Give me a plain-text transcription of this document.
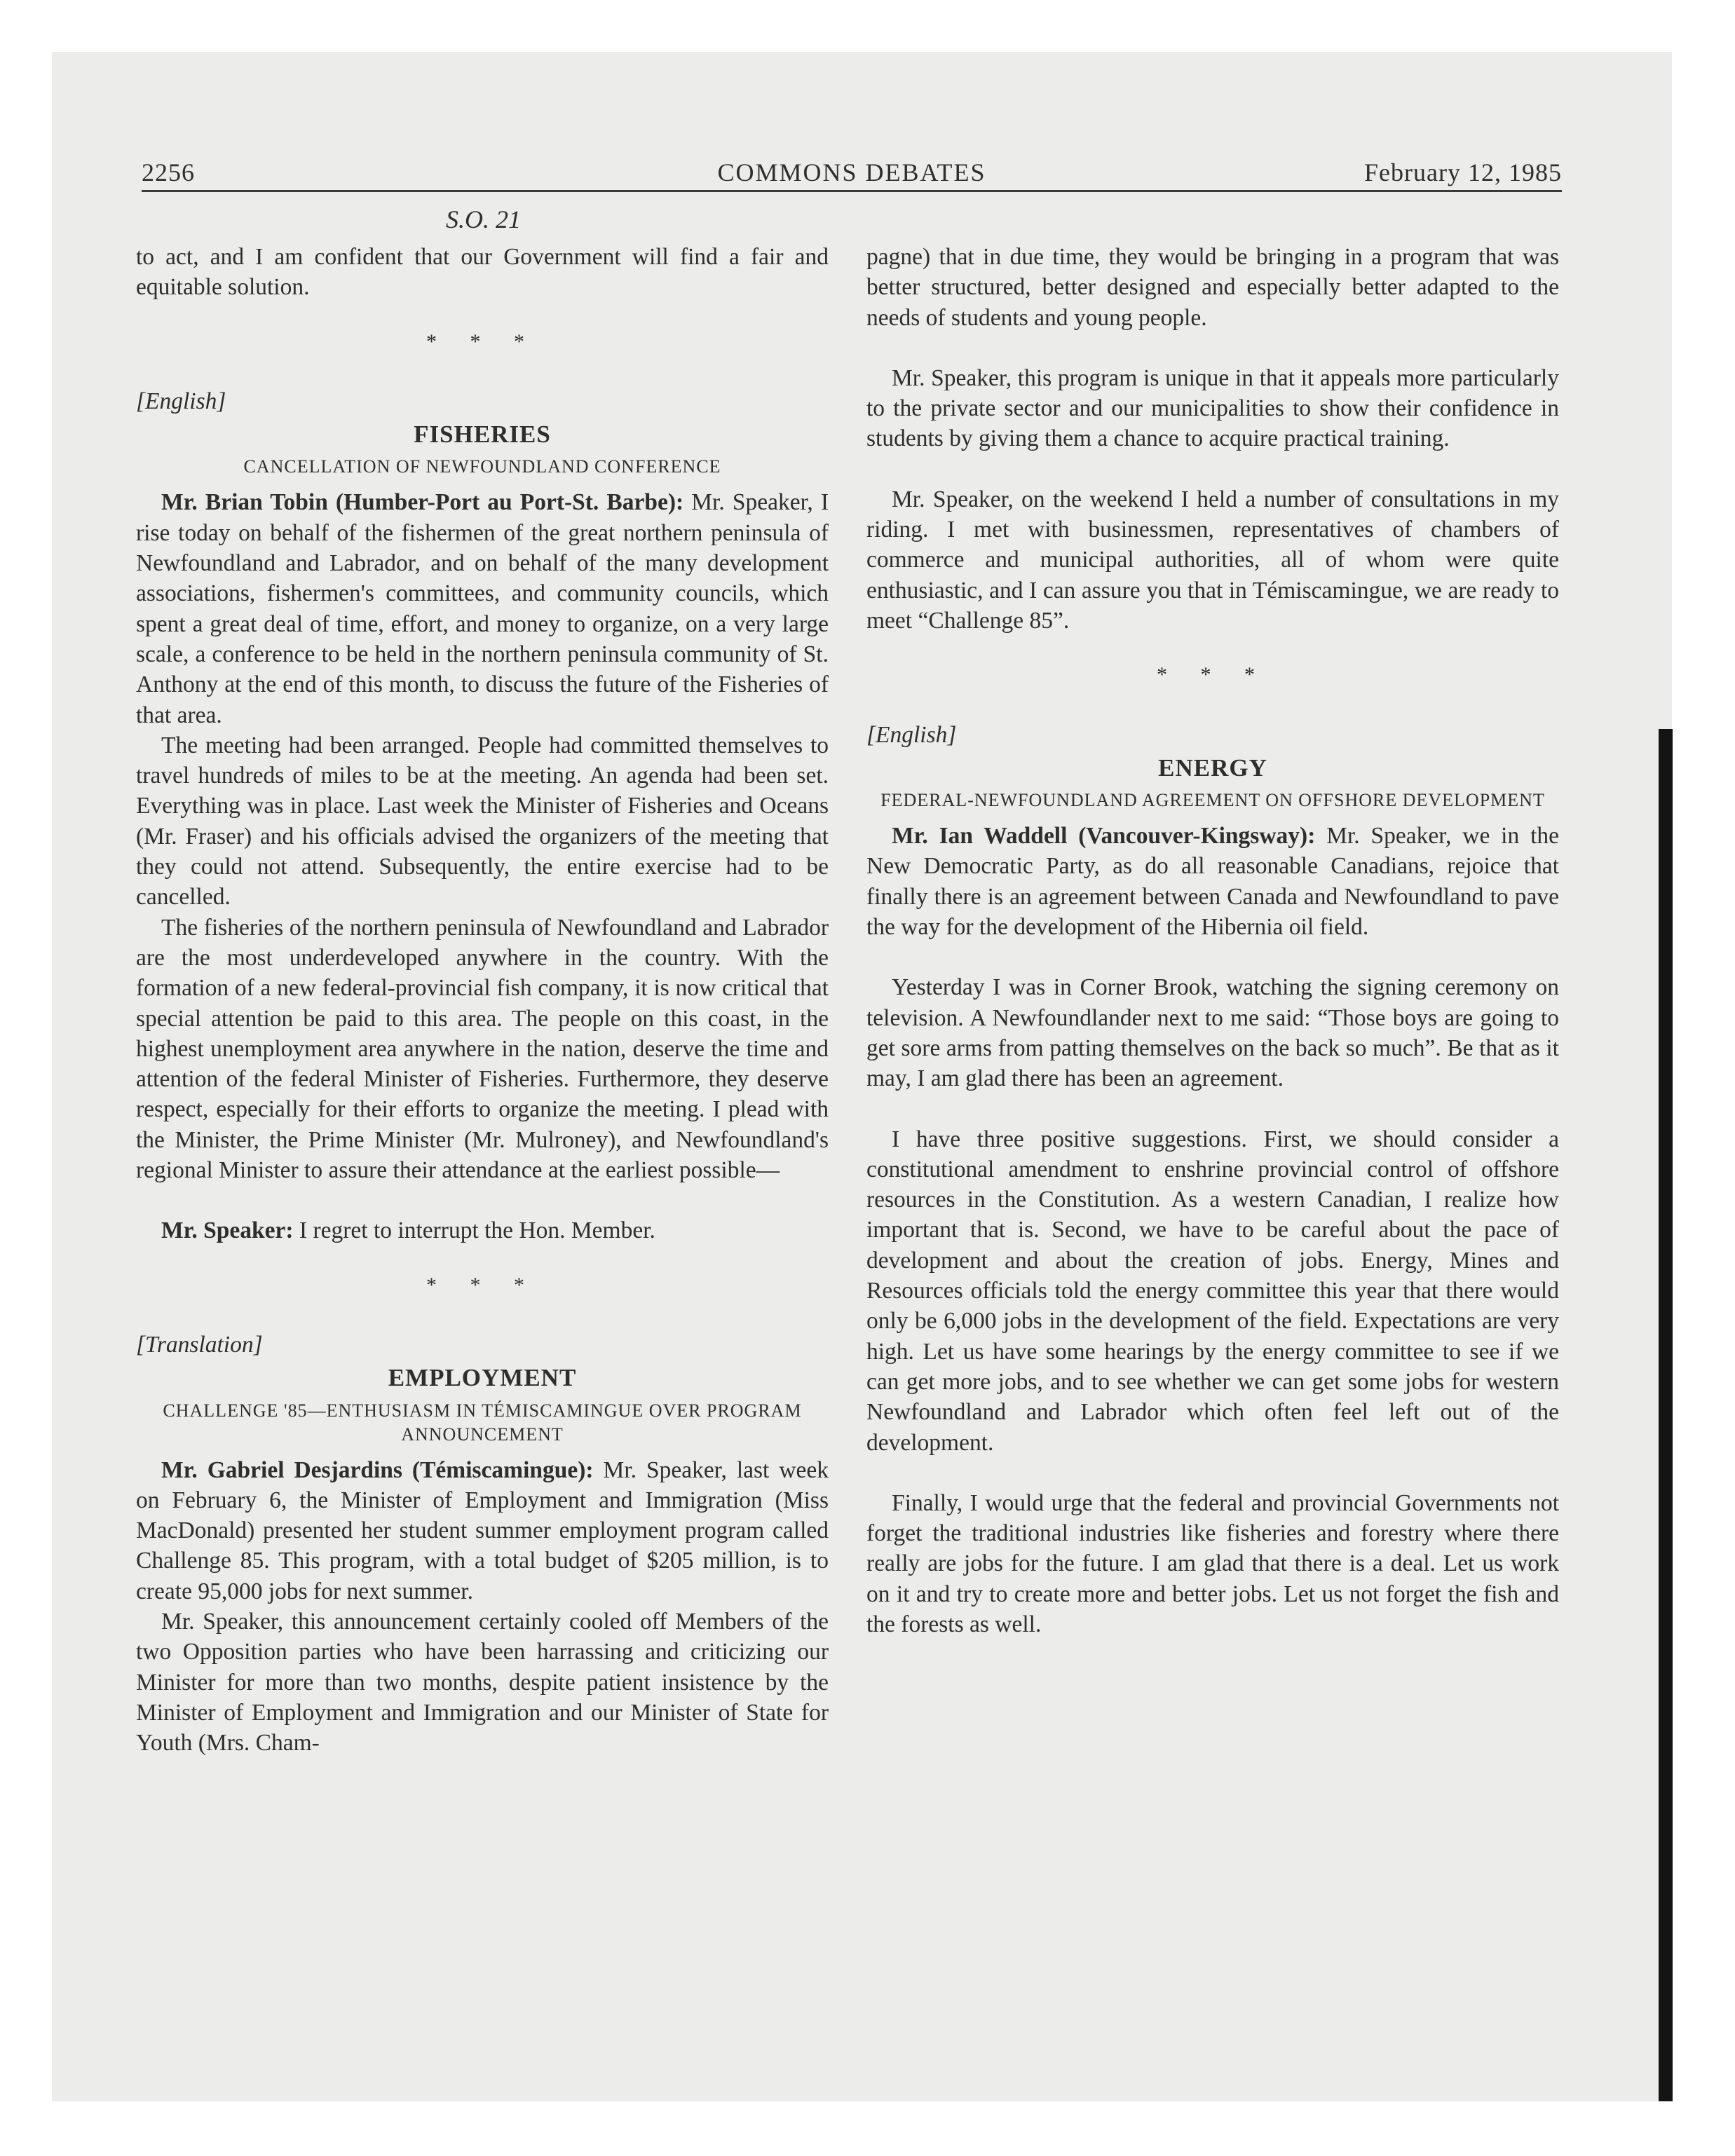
2256	COMMONS DEBATES	February 12, 1985
S.O. 21

to act, and I am confident that our Government will find a fair and equitable solution.

* * *
[English]
FISHERIES
CANCELLATION OF NEWFOUNDLAND CONFERENCE

Mr. Brian Tobin (Humber-Port au Port-St. Barbe): Mr. Speaker, I rise today on behalf of the fishermen of the great northern peninsula of Newfoundland and Labrador, and on behalf of the many development associations, fishermen's committees, and community councils, which spent a great deal of time, effort, and money to organize, on a very large scale, a conference to be held in the northern peninsula community of St. Anthony at the end of this month, to discuss the future of the Fisheries of that area.

The meeting had been arranged. People had committed themselves to travel hundreds of miles to be at the meeting. An agenda had been set. Everything was in place. Last week the Minister of Fisheries and Oceans (Mr. Fraser) and his officials advised the organizers of the meeting that they could not attend. Subsequently, the entire exercise had to be cancelled.

The fisheries of the northern peninsula of Newfoundland and Labrador are the most underdeveloped anywhere in the country. With the formation of a new federal-provincial fish company, it is now critical that special attention be paid to this area. The people on this coast, in the highest unemployment area anywhere in the nation, deserve the time and attention of the federal Minister of Fisheries. Furthermore, they deserve respect, especially for their efforts to organize the meeting. I plead with the Minister, the Prime Minister (Mr. Mulroney), and Newfoundland's regional Minister to assure their attendance at the earliest possible—

Mr. Speaker: I regret to interrupt the Hon. Member.

* * *
[Translation]
EMPLOYMENT
CHALLENGE '85—ENTHUSIASM IN TÉMISCAMINGUE OVER PROGRAM ANNOUNCEMENT

Mr. Gabriel Desjardins (Témiscamingue): Mr. Speaker, last week on February 6, the Minister of Employment and Immigration (Miss MacDonald) presented her student summer employment program called Challenge 85. This program, with a total budget of $205 million, is to create 95,000 jobs for next summer.

Mr. Speaker, this announcement certainly cooled off Members of the two Opposition parties who have been harrassing and criticizing our Minister for more than two months, despite patient insistence by the Minister of Employment and Immigration and our Minister of State for Youth (Mrs. Cham-

pagne) that in due time, they would be bringing in a program that was better structured, better designed and especially better adapted to the needs of students and young people.

Mr. Speaker, this program is unique in that it appeals more particularly to the private sector and our municipalities to show their confidence in students by giving them a chance to acquire practical training.

Mr. Speaker, on the weekend I held a number of consultations in my riding. I met with businessmen, representatives of chambers of commerce and municipal authorities, all of whom were quite enthusiastic, and I can assure you that in Témiscamingue, we are ready to meet “Challenge 85”.

* * *
[English]
ENERGY
FEDERAL-NEWFOUNDLAND AGREEMENT ON OFFSHORE DEVELOPMENT

Mr. Ian Waddell (Vancouver-Kingsway): Mr. Speaker, we in the New Democratic Party, as do all reasonable Canadians, rejoice that finally there is an agreement between Canada and Newfoundland to pave the way for the development of the Hibernia oil field.

Yesterday I was in Corner Brook, watching the signing ceremony on television. A Newfoundlander next to me said: “Those boys are going to get sore arms from patting themselves on the back so much”. Be that as it may, I am glad there has been an agreement.

I have three positive suggestions. First, we should consider a constitutional amendment to enshrine provincial control of offshore resources in the Constitution. As a western Canadian, I realize how important that is. Second, we have to be careful about the pace of development and about the creation of jobs. Energy, Mines and Resources officials told the energy committee this year that there would only be 6,000 jobs in the development of the field. Expectations are very high. Let us have some hearings by the energy committee to see if we can get more jobs, and to see whether we can get some jobs for western Newfoundland and Labrador which often feel left out of the development.

Finally, I would urge that the federal and provincial Governments not forget the traditional industries like fisheries and forestry where there really are jobs for the future. I am glad that there is a deal. Let us work on it and try to create more and better jobs. Let us not forget the fish and the forests as well.
